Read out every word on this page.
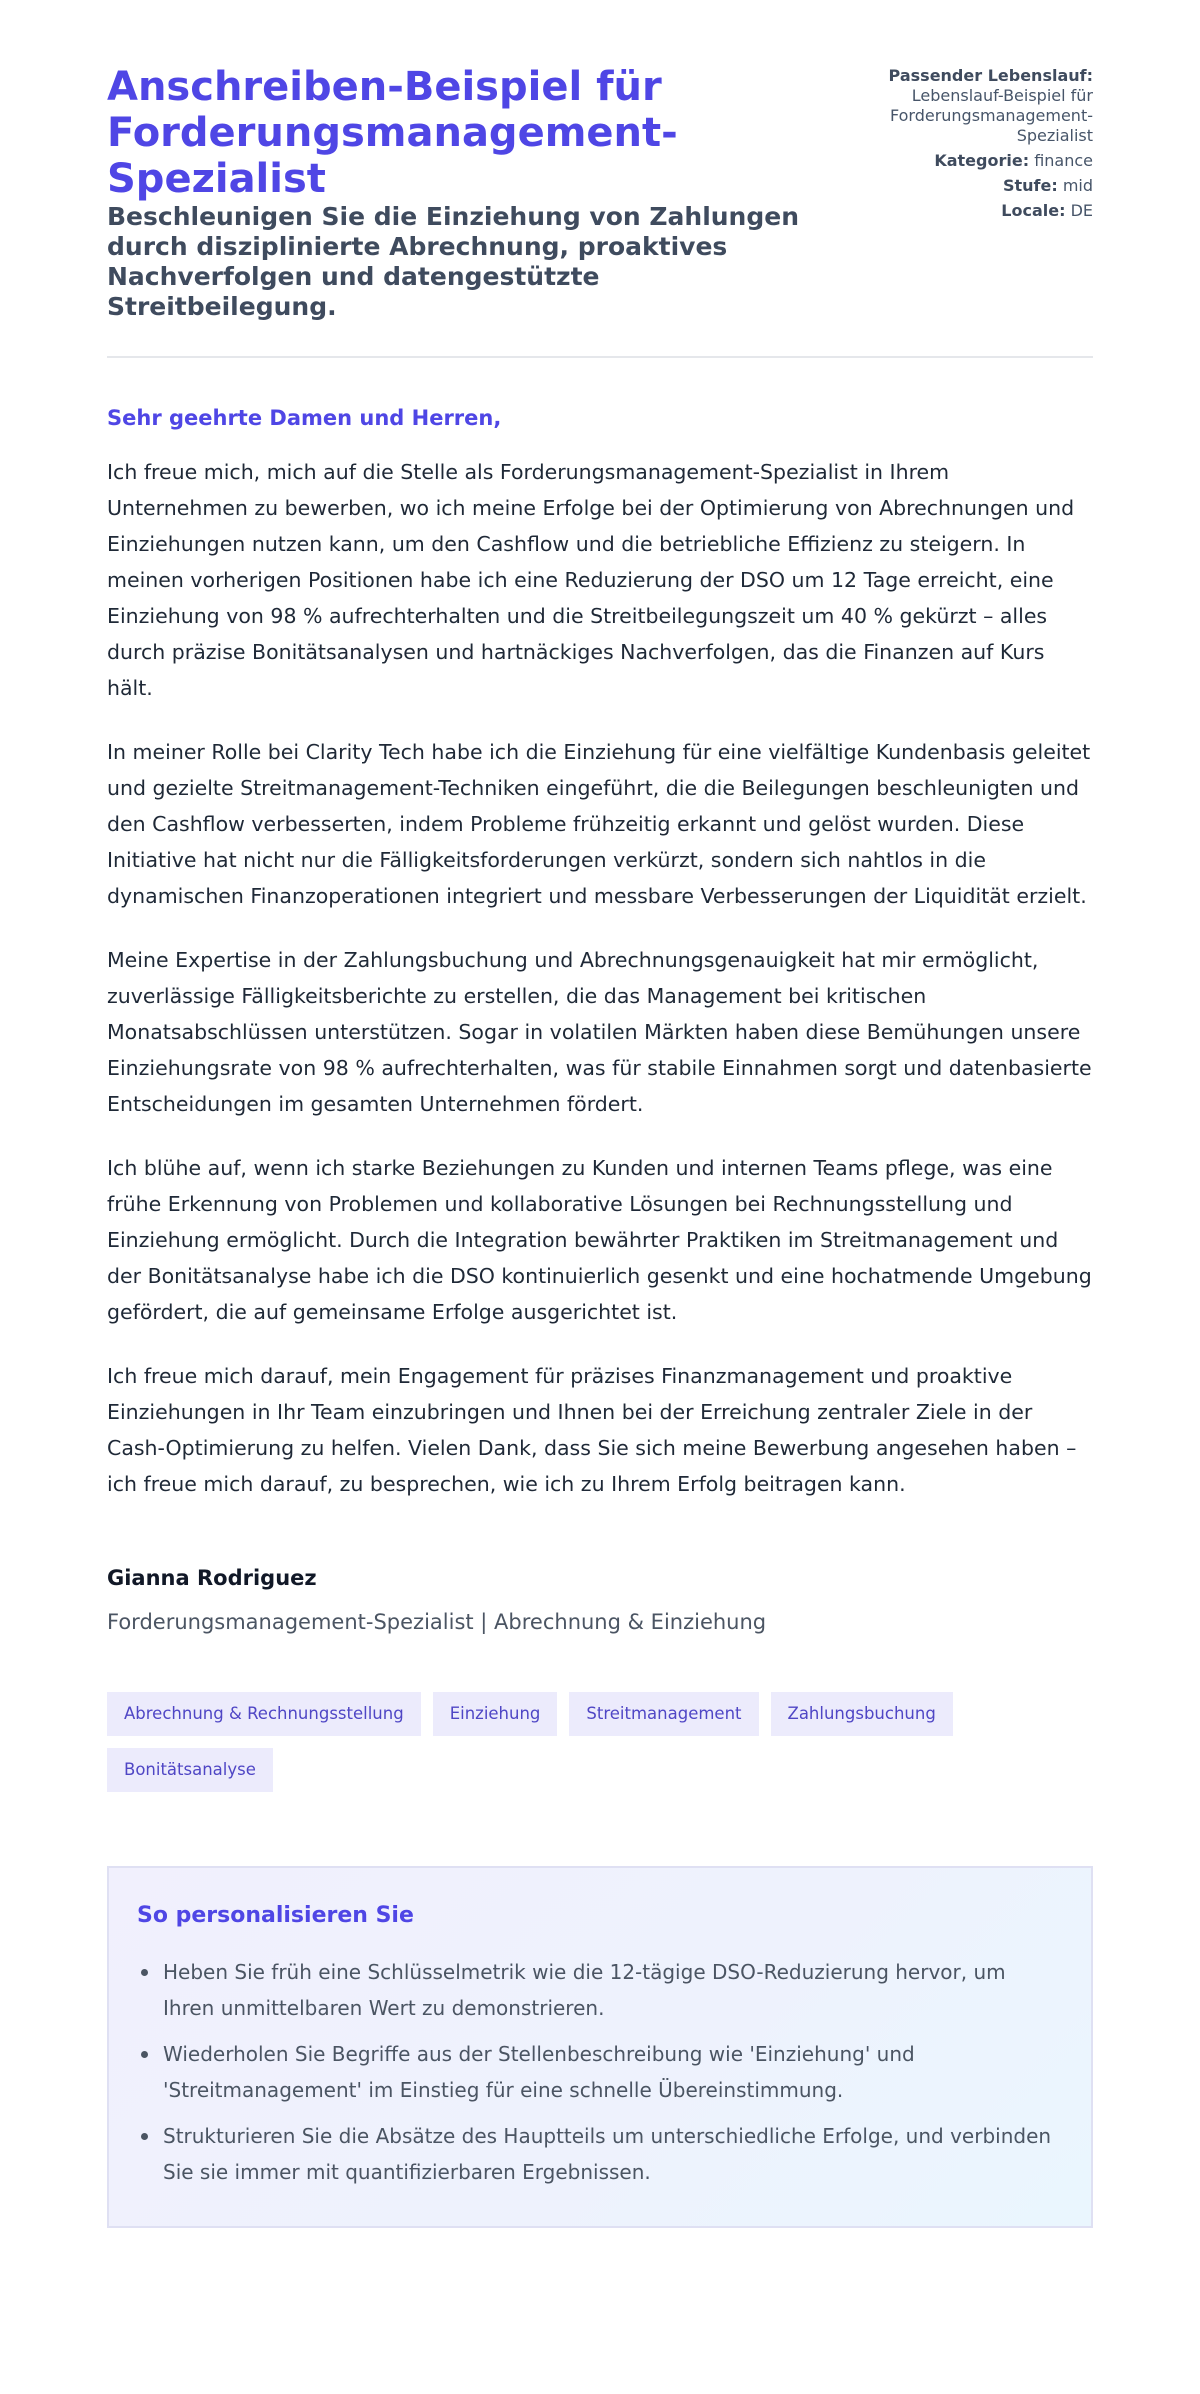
Anschreiben-Beispiel für Forderungsmanagement-Spezialist
Beschleunigen Sie die Einziehung von Zahlungen durch disziplinierte Abrechnung, proaktives Nachverfolgen und datengestützte Streitbeilegung.
Passender Lebenslauf:
Lebenslauf-Beispiel für Forderungsmanagement-Spezialist
Kategorie: finance
Stufe: mid
Locale: DE

Sehr geehrte Damen und Herren,

Ich freue mich, mich auf die Stelle als Forderungsmanagement-Spezialist in Ihrem Unternehmen zu bewerben, wo ich meine Erfolge bei der Optimierung von Abrechnungen und Einziehungen nutzen kann, um den Cashflow und die betriebliche Effizienz zu steigern. In meinen vorherigen Positionen habe ich eine Reduzierung der DSO um 12 Tage erreicht, eine Einziehung von 98 % aufrechterhalten und die Streitbeilegungszeit um 40 % gekürzt – alles durch präzise Bonitätsanalysen und hartnäckiges Nachverfolgen, das die Finanzen auf Kurs hält.

In meiner Rolle bei Clarity Tech habe ich die Einziehung für eine vielfältige Kundenbasis geleitet und gezielte Streitmanagement-Techniken eingeführt, die die Beilegungen beschleunigten und den Cashflow verbesserten, indem Probleme frühzeitig erkannt und gelöst wurden. Diese Initiative hat nicht nur die Fälligkeitsforderungen verkürzt, sondern sich nahtlos in die dynamischen Finanzoperationen integriert und messbare Verbesserungen der Liquidität erzielt.

Meine Expertise in der Zahlungsbuchung und Abrechnungsgenauigkeit hat mir ermöglicht, zuverlässige Fälligkeitsberichte zu erstellen, die das Management bei kritischen Monatsabschlüssen unterstützen. Sogar in volatilen Märkten haben diese Bemühungen unsere Einziehungsrate von 98 % aufrechterhalten, was für stabile Einnahmen sorgt und datenbasierte Entscheidungen im gesamten Unternehmen fördert.

Ich blühe auf, wenn ich starke Beziehungen zu Kunden und internen Teams pflege, was eine frühe Erkennung von Problemen und kollaborative Lösungen bei Rechnungsstellung und Einziehung ermöglicht. Durch die Integration bewährter Praktiken im Streitmanagement und der Bonitätsanalyse habe ich die DSO kontinuierlich gesenkt und eine hochatmende Umgebung gefördert, die auf gemeinsame Erfolge ausgerichtet ist.

Ich freue mich darauf, mein Engagement für präzises Finanzmanagement und proaktive Einziehungen in Ihr Team einzubringen und Ihnen bei der Erreichung zentraler Ziele in der Cash-Optimierung zu helfen. Vielen Dank, dass Sie sich meine Bewerbung angesehen haben – ich freue mich darauf, zu besprechen, wie ich zu Ihrem Erfolg beitragen kann.

Gianna Rodriguez
Forderungsmanagement-Spezialist | Abrechnung & Einziehung
Abrechnung & Rechnungsstellung	Einziehung	Streitmanagement	Zahlungsbuchung
Bonitätsanalyse
So personalisieren Sie
Heben Sie früh eine Schlüsselmetrik wie die 12-tägige DSO-Reduzierung hervor, um Ihren unmittelbaren Wert zu demonstrieren.
Wiederholen Sie Begriffe aus der Stellenbeschreibung wie 'Einziehung' und 'Streitmanagement' im Einstieg für eine schnelle Übereinstimmung.
Strukturieren Sie die Absätze des Hauptteils um unterschiedliche Erfolge, und verbinden Sie sie immer mit quantifizierbaren Ergebnissen.
